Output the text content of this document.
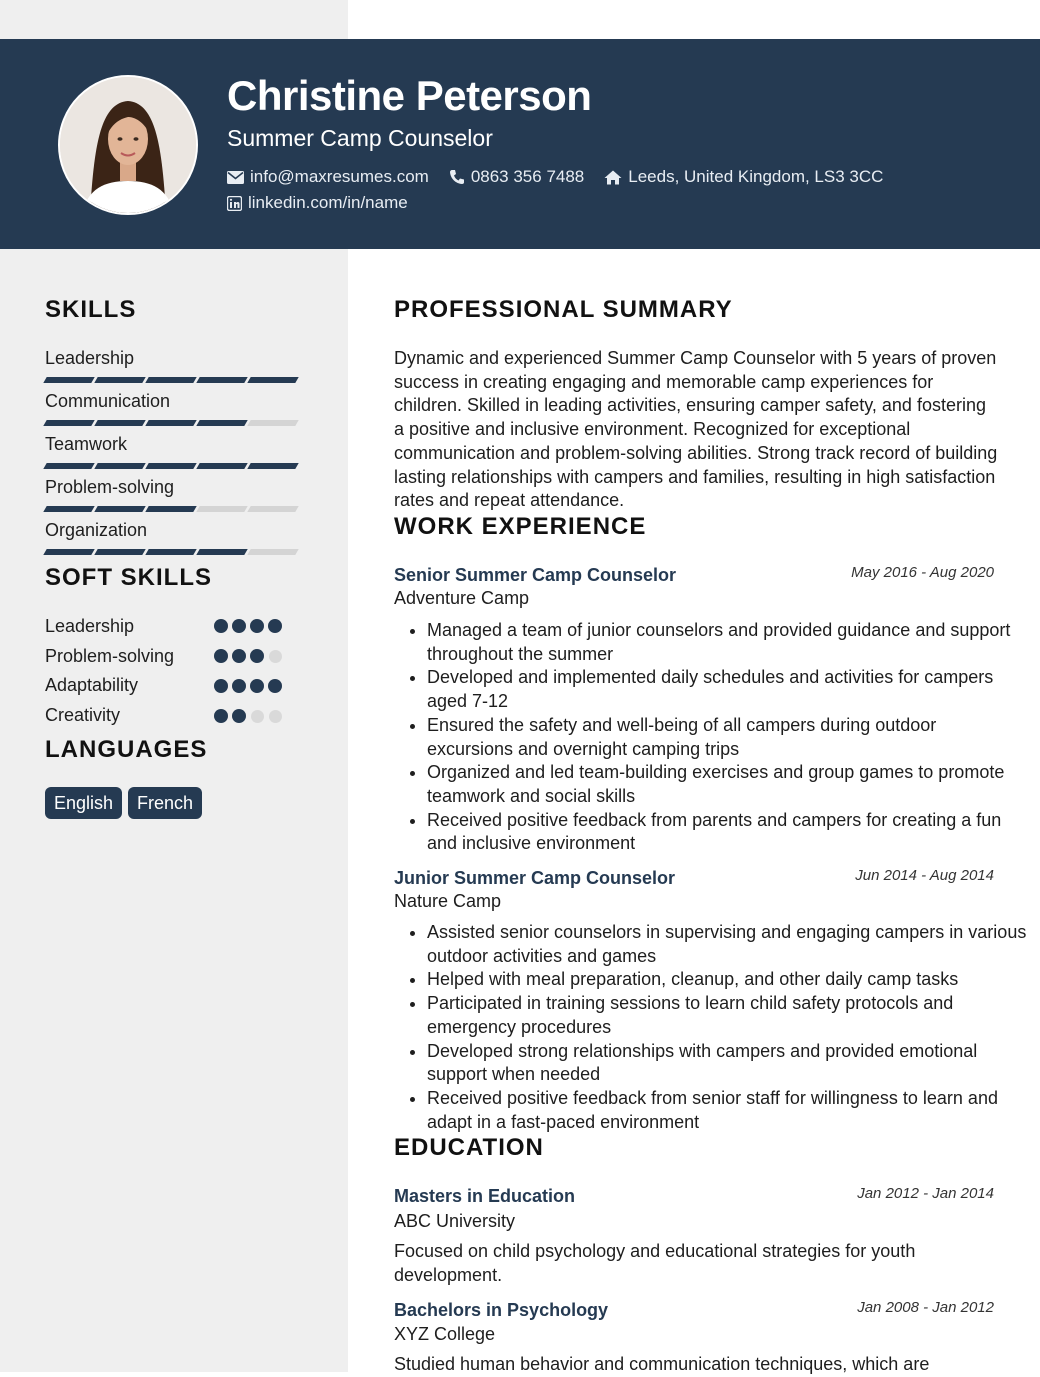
Christine Peterson
Summer Camp Counselor
info@maxresumes.com 0863 356 7488	Leeds, United Kingdom, LS3 3CC
linkedin.com/in/name
SKILLS
Leadership
Communication
Teamwork
Problem-solving
Organization
SOFT SKILLS
Leadership
Problem-solving
Adaptability
Creativity
LANGUAGES
English	French
PROFESSIONAL SUMMARY

Dynamic and experienced Summer Camp Counselor with 5 years of proven success in creating engaging and memorable camp experiences for children. Skilled in leading activities, ensuring camper safety, and fostering a positive and inclusive environment. Recognized for exceptional communication and problem-solving abilities. Strong track record of building lasting relationships with campers and families, resulting in high satisfaction rates and repeat attendance.

WORK EXPERIENCE
Senior Summer Camp Counselor	May 2016 - Aug 2020
Adventure Camp
• Managed a team of junior counselors and provided guidance and support throughout the summer
• Developed and implemented daily schedules and activities for campers aged 7-12
• Ensured the safety and well-being of all campers during outdoor excursions and overnight camping trips
• Organized and led team-building exercises and group games to promote teamwork and social skills
• Received positive feedback from parents and campers for creating a fun and inclusive environment
Junior Summer Camp Counselor	Jun 2014 - Aug 2014
Nature Camp
• Assisted senior counselors in supervising and engaging campers in various outdoor activities and games
• Helped with meal preparation, cleanup, and other daily camp tasks
• Participated in training sessions to learn child safety protocols and emergency procedures
• Developed strong relationships with campers and provided emotional support when needed
• Received positive feedback from senior staff for willingness to learn and adapt in a fast-paced environment
EDUCATION
Masters in Education	Jan 2012 - Jan 2014
ABC University

Focused on child psychology and educational strategies for youth development.

Bachelors in Psychology	Jan 2008 - Jan 2012
XYZ College

Studied human behavior and communication techniques, which are
